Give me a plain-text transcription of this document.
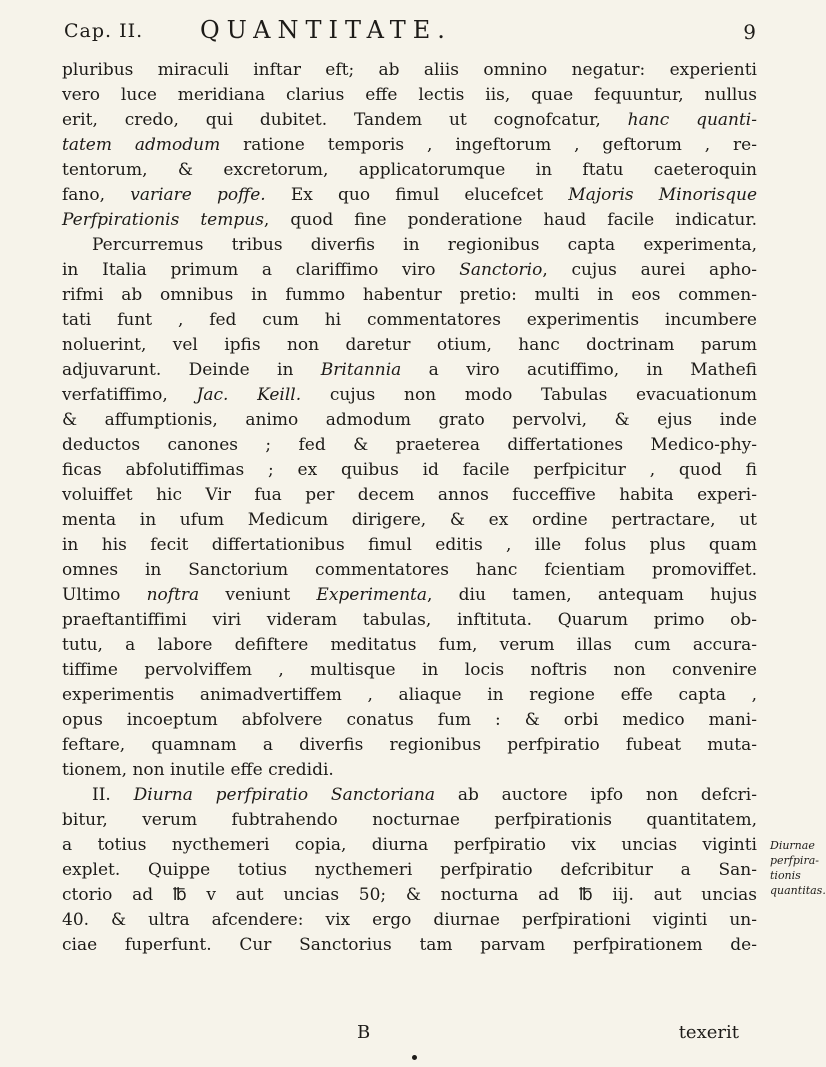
Cap. II. QUANTITATE.	9
pluribus miraculi inftar eft; ab aliis omnino negatur: experienti
vero luce meridiana clarius effe lectis iis, quae fequuntur, nullus
erit, credo, qui dubitet. Tandem ut cognofcatur, hanc quanti-
tatem admodum ratione temporis , ingeftorum , geftorum , re-
tentorum, & excretorum, applicatorumque in ftatu caeteroquin
fano, variare poffe. Ex quo fimul elucefcet Majoris Minorisque
Perfpirationis tempus, quod fine ponderatione haud facile indicatur.
Percurremus tribus diverfis in regionibus capta experimenta,
in Italia primum a clariffimo viro Sanctorio, cujus aurei apho-
rifmi ab omnibus in fummo habentur pretio: multi in eos commen-
tati funt , fed cum hi commentatores experimentis incumbere
noluerint, vel ipfis non daretur otium, hanc doctrinam parum
adjuvarunt. Deinde in Britannia a viro acutiffimo, in Mathefi
verfatiffimo, Jac. Keill. cujus non modo Tabulas evacuationum
& affumptionis, animo admodum grato pervolvi, & ejus inde
deductos canones ; fed & praeterea differtationes Medico-phy-
ficas abfolutiffimas ; ex quibus id facile perfpicitur , quod fi
voluiffet hic Vir fua per decem annos fucceffive habita experi-
menta in ufum Medicum dirigere, & ex ordine pertractare, ut
in his fecit differtationibus fimul editis , ille folus plus quam
omnes in Sanctorium commentatores hanc fcientiam promoviffet.
Ultimo noftra veniunt Experimenta, diu tamen, antequam hujus
praeftantiffimi viri videram tabulas, inftituta. Quarum primo ob-
tutu, a labore defiftere meditatus fum, verum illas cum accura-
tiffime pervolviffem , multisque in locis noftris non convenire
experimentis animadvertiffem , aliaque in regione effe capta ,
opus incoeptum abfolvere conatus fum : & orbi medico mani-
feftare, quamnam a diverfis regionibus perfpiratio fubeat muta-
tionem, non inutile effe credidi.
II. Diurna perfpiratio Sanctoriana ab auctore ipfo non defcri-
bitur, verum fubtrahendo nocturnae perfpirationis quantitatem,
a totius nycthemeri copia, diurna perfpiratio vix uncias viginti
explet. Quippe totius nycthemeri perfpiratio defcribitur a San-
ctorio ad ℔ v aut uncias 50; & nocturna ad ℔ iij. aut uncias
40. & ultra afcendere: vix ergo diurnae perfpirationi viginti un-
ciae fuperfunt. Cur Sanctorius tam parvam perfpirationem de-
Diurnae
perfpira-
tionis
quantitas.
B	texerit
